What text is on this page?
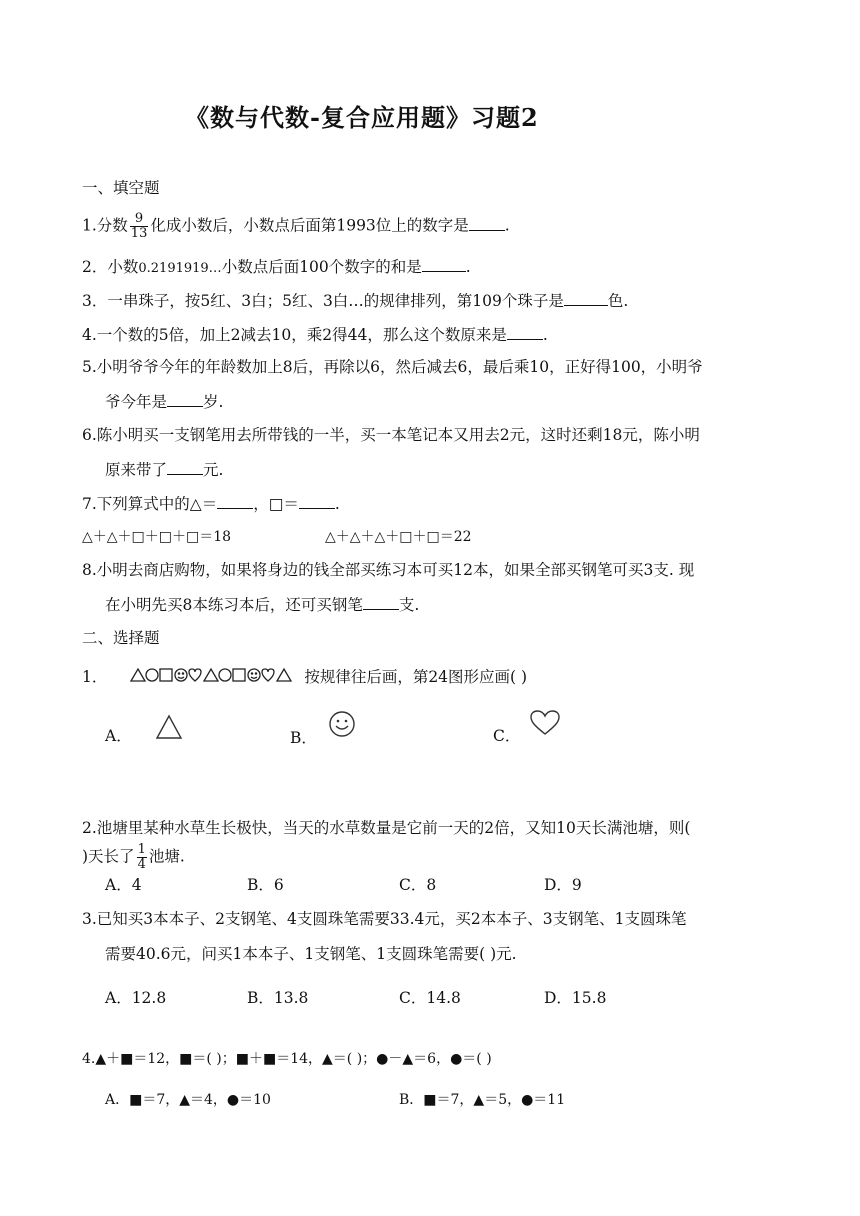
《数与代数-复合应用题》习题2
一、填空题
1.分数 $\frac{9}{13}$ 化成小数后，小数点后面第1993位上的数字是 .
2．小数0.2191919…小数点后面100个数字的和是	.
3．一串珠子，按5红、3白；5红、3白…的规律排列，第109个珠子是	色.
4.一个数的5倍，加上2减去10，乘2得44，那么这个数原来是 .
5.小明爷爷今年的年龄数加上8后，再除以6，然后减去6，最后乘10，正好得100，小明爷
爷今年是 岁.
6.陈小明买一支钢笔用去所带钱的一半，买一本笔记本又用去2元，这时还剩18元，陈小明
原来带了 元.
7.下列算式中的△＝ ，□＝ .
△＋△＋□＋□＋□＝18	△＋△＋△＋□＋□＝22
8.小明去商店购物，如果将身边的钱全部买练习本可买12本，如果全部买钢笔可买3支. 现
在小明先买8本练习本后，还可买钢笔 支.
二、选择题
1．	按规律往后画，第24图形应画( )
A．	B．	C．
2.池塘里某种水草生长极快，当天的水草数量是它前一天的2倍，又知10天长满池塘，则(
)天长了 $\frac{1}{4}$ 池塘.
A．4	B．6	C．8	D．9
3.已知买3本本子、2支钢笔、4支圆珠笔需要33.4元，买2本本子、3支钢笔、1支圆珠笔
需要40.6元，问买1本本子、1支钢笔、1支圆珠笔需要( )元.
A．12.8	B．13.8	C．14.8	D．15.8
4.▲＋■＝12，■＝( )；■＋■＝14，▲＝( )；●－▲＝6，●＝( )
A．■＝7，▲＝4，●＝10	B．■＝7，▲＝5，●＝11
